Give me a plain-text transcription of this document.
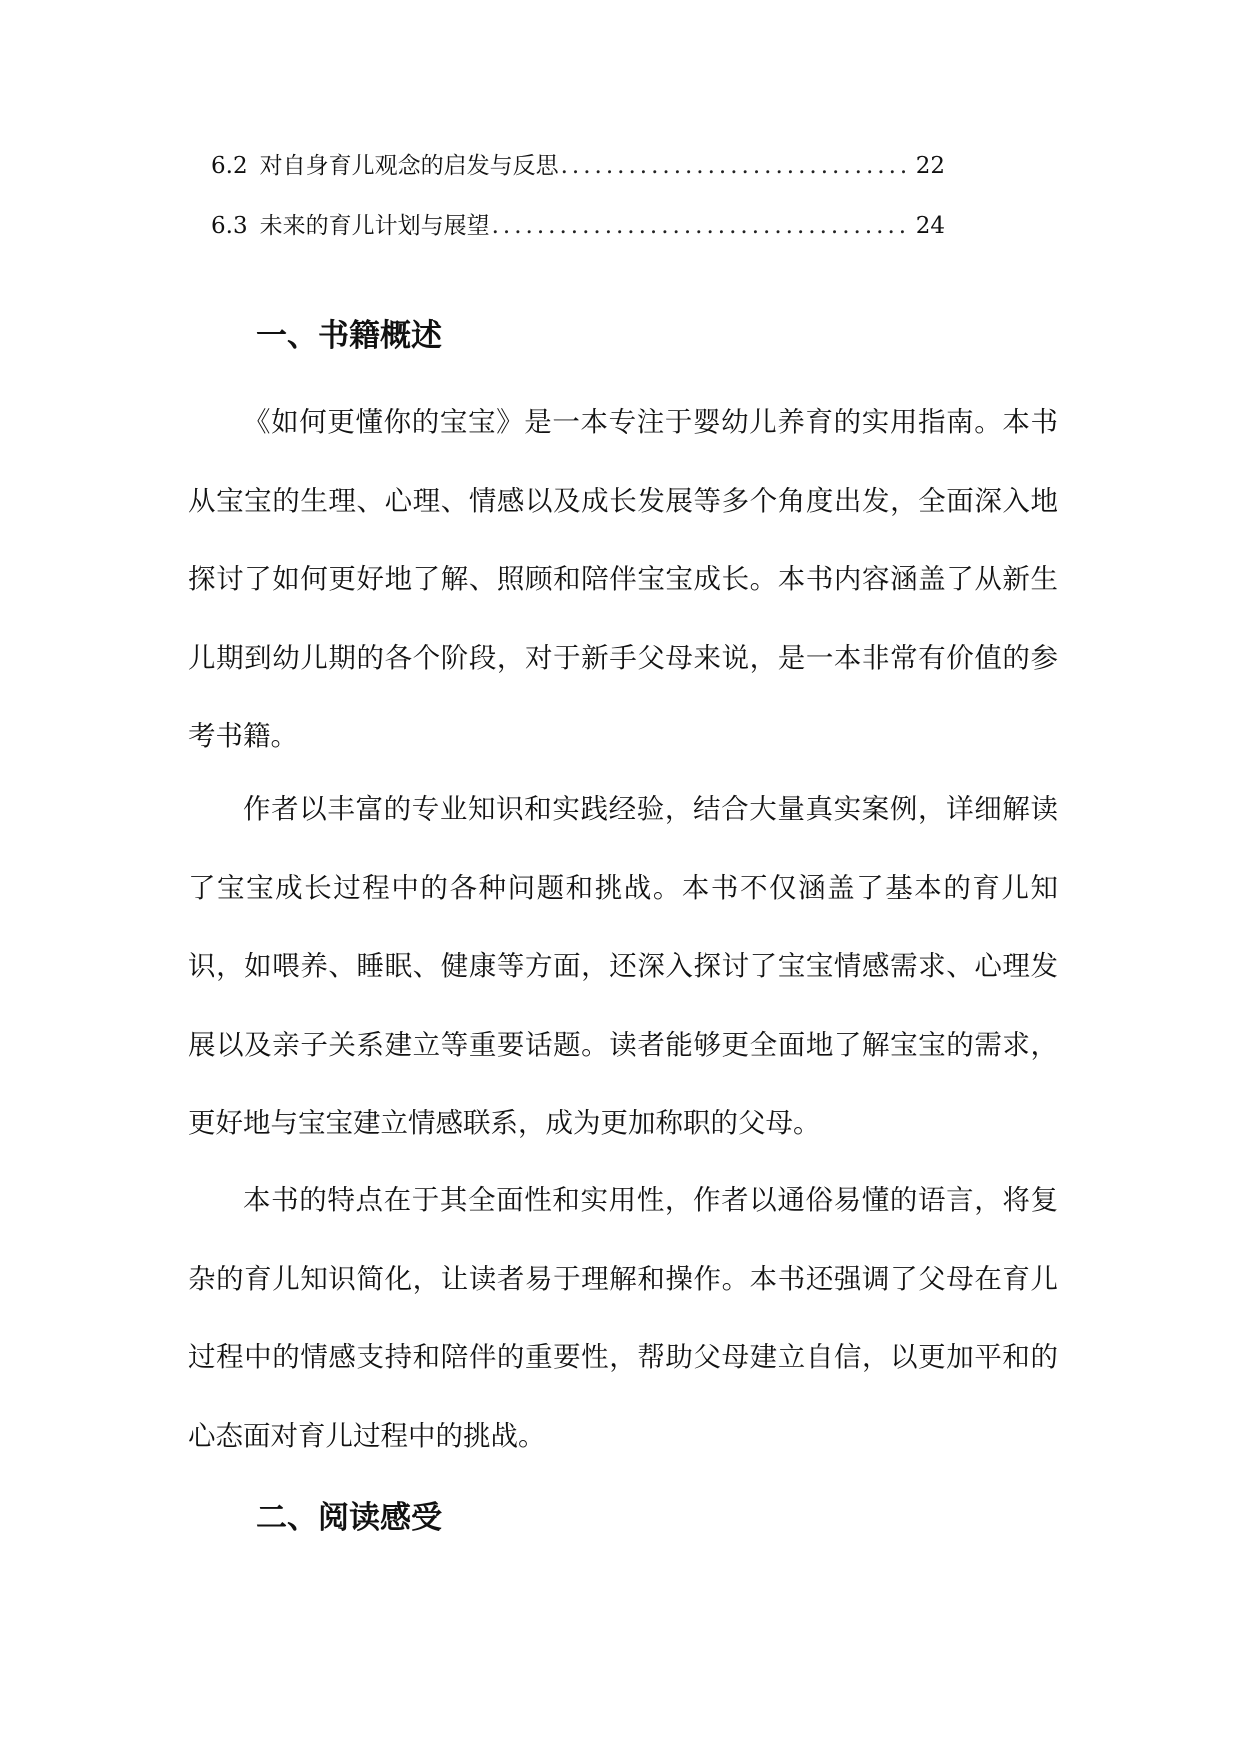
6.2 对自身育儿观念的启发与反思 .....	22
6.3 未来的育儿计划与展望 .....	24
一、书籍概述

《如何更懂你的宝宝》是一本专注于婴幼儿养育的实用指南。本书从宝宝的生理、心理、情感以及成长发展等多个角度出发，全面深入地探讨了如何更好地了解、照顾和陪伴宝宝成长。本书内容涵盖了从新生儿期到幼儿期的各个阶段，对于新手父母来说，是一本非常有价值的参考书籍。

作者以丰富的专业知识和实践经验，结合大量真实案例，详细解读了宝宝成长过程中的各种问题和挑战。本书不仅涵盖了基本的育儿知识，如喂养、睡眠、健康等方面，还深入探讨了宝宝情感需求、心理发展以及亲子关系建立等重要话题。读者能够更全面地了解宝宝的需求，更好地与宝宝建立情感联系，成为更加称职的父母。

本书的特点在于其全面性和实用性，作者以通俗易懂的语言，将复杂的育儿知识简化，让读者易于理解和操作。本书还强调了父母在育儿过程中的情感支持和陪伴的重要性，帮助父母建立自信，以更加平和的心态面对育儿过程中的挑战。

二、阅读感受
